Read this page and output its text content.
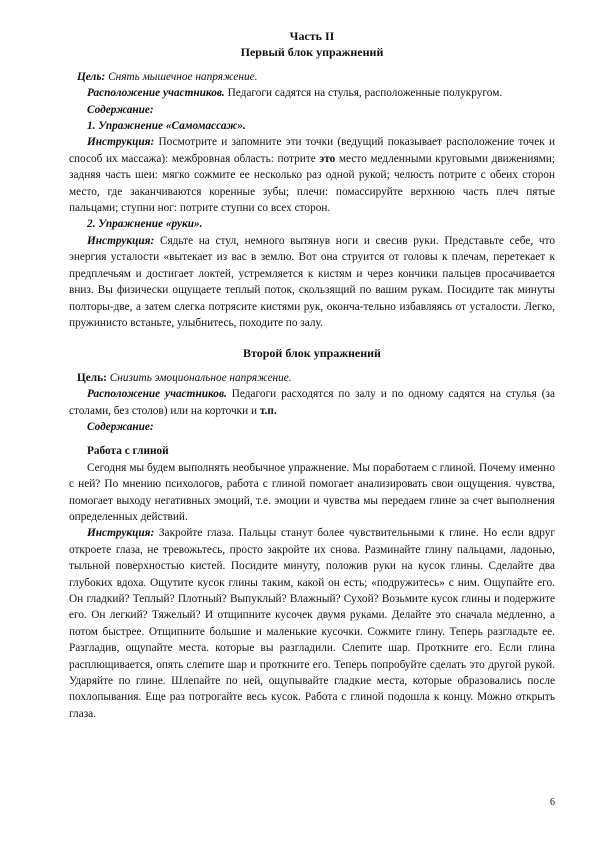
Часть II
Первый блок упражнений

Цель: Снять мышечное напряжение.

Расположение участников. Педагоги садятся на стулья, расположенные полукругом.

Содержание:

1. Упражнение «Самомассаж».

Инструкция: Посмотрите и запомните эти точки (ведущий показывает расположение точек и способ их массажа): межбровная область: потрите это место медленными круговыми движениями; задняя часть шеи: мягко сожмите ее несколько раз одной рукой; челюсть потрите с обеих сторон место, где заканчиваются коренные зубы; плечи: помассируйте верхнюю часть плеч пятые пальцами; ступни ног: потрите ступни со всех сторон.

2. Упражнение «руки».

Инструкция: Сядьте на стул, немного вытянув ноги и свесив руки. Представьте себе, что энергия усталости «вытекает из вас в землю. Вот она струится от головы к плечам, перетекает к предплечьям и достигает локтей, устремляется к кистям и через кончики пальцев просачивается вниз. Вы физически ощущаете теплый поток, скользящий по вашим рукам. Посидите так минуты полторы-две, а затем слегка потрясите кистями рук, оконча-тельно избавляясь от усталости. Легко, пружинисто встаньте, улыбнитесь, походите по залу.

Второй блок упражнений

Цель: Снизить эмоциональное напряжение.

Расположение участников. Педагоги расходятся по залу и по одному садятся на стулья (за столами, без столов) или на корточки и т.п.

Содержание:

Работа с глиной

Сегодня мы будем выполнять необычное упражнение. Мы поработаем с глиной. Почему именно с ней? По мнению психологов, работа с глиной помогает анализировать свои ощущения. чувства, помогает выходу негативных эмоций, т.е. эмоции и чувства мы передаем глине за счет выполнения определенных действий.

Инструкция: Закройте глаза. Пальцы станут более чувствительными к глине. Но если вдруг откроете глаза, не тревожьтесь, просто закройте их снова. Разминайте глину пальцами, ладонью, тыльной поверхностью кистей. Посидите минуту, положив руки на кусок глины. Сделайте два глубоких вдоха. Ощутите кусок глины таким, какой он есть; «подружитесь» с ним. Ощупайте его. Он гладкий? Теплый? Плотный? Выпуклый? Влажный? Сухой? Возьмите кусок глины и подержите его. Он легкий? Тяжелый? И отщипните кусочек двумя руками. Делайте это сначала медленно, а потом быстрее. Отщипните большие и маленькие кусочки. Сожмите глину. Теперь разгладьте ее. Разгладив, ощупайте места. которые вы разгладили. Слепите шар. Проткните его. Если глина расплющивается, опять слепите шар и проткните его. Теперь попробуйте сделать это другой рукой. Ударяйте по глине. Шлепайте по ней, ощупывайте гладкие места, которые образовались после похлопывания. Еще раз потрогайте весь кусок. Работа с глиной подошла к концу. Можно открыть глаза.

6
